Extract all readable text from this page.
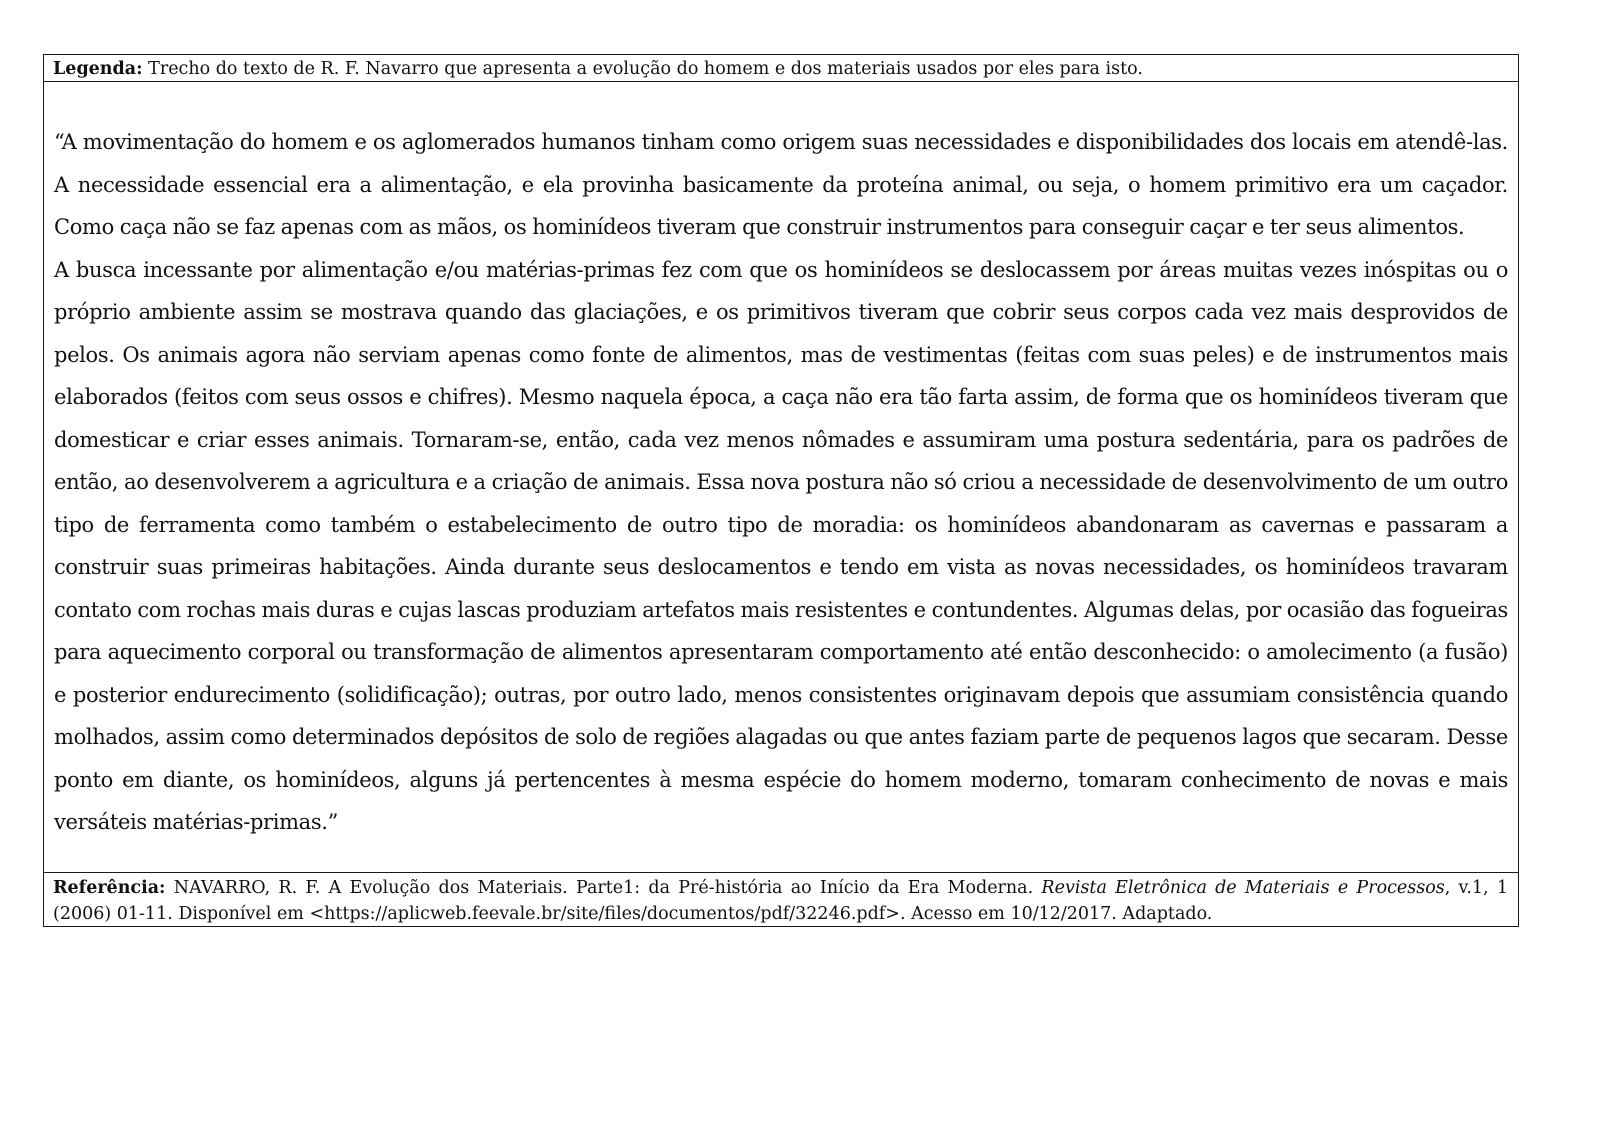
Legenda: Trecho do texto de R. F. Navarro que apresenta a evolução do homem e dos materiais usados por eles para isto.

“A movimentação do homem e os aglomerados humanos tinham como origem suas necessidades e disponibilidades dos locais em atendê-las. A necessidade essencial era a alimentação, e ela provinha basicamente da proteína animal, ou seja, o homem primitivo era um caçador. Como caça não se faz apenas com as mãos, os hominídeos tiveram que construir instrumentos para conseguir caçar e ter seus alimentos.

A busca incessante por alimentação e/ou matérias-primas fez com que os hominídeos se deslocassem por áreas muitas vezes inóspitas ou o próprio ambiente assim se mostrava quando das glaciações, e os primitivos tiveram que cobrir seus corpos cada vez mais desprovidos de pelos. Os animais agora não serviam apenas como fonte de alimentos, mas de vestimentas (feitas com suas peles) e de instrumentos mais elaborados (feitos com seus ossos e chifres). Mesmo naquela época, a caça não era tão farta assim, de forma que os hominídeos tiveram que domesticar e criar esses animais. Tornaram-se, então, cada vez menos nômades e assumiram uma postura sedentária, para os padrões de então, ao desenvolverem a agricultura e a criação de animais. Essa nova postura não só criou a necessidade de desenvolvimento de um outro tipo de ferramenta como também o estabelecimento de outro tipo de moradia: os hominídeos abandonaram as cavernas e passaram a construir suas primeiras habitações. Ainda durante seus deslocamentos e tendo em vista as novas necessidades, os hominídeos travaram contato com rochas mais duras e cujas lascas produziam artefatos mais resistentes e contundentes. Algumas delas, por ocasião das fogueiras para aquecimento corporal ou transformação de alimentos apresentaram comportamento até então desconhecido: o amolecimento (a fusão) e posterior endurecimento (solidificação); outras, por outro lado, menos consistentes originavam depois que assumiam consistência quando molhados, assim como determinados depósitos de solo de regiões alagadas ou que antes faziam parte de pequenos lagos que secaram. Desse ponto em diante, os hominídeos, alguns já pertencentes à mesma espécie do homem moderno, tomaram conhecimento de novas e mais versáteis matérias-primas.”

Referência: NAVARRO, R. F. A Evolução dos Materiais. Parte1: da Pré-história ao Início da Era Moderna. Revista Eletrônica de Materiais e Processos, v.1, 1 (2006) 01-11. Disponível em <https://aplicweb.feevale.br/site/files/documentos/pdf/32246.pdf>. Acesso em 10/12/2017. Adaptado.
